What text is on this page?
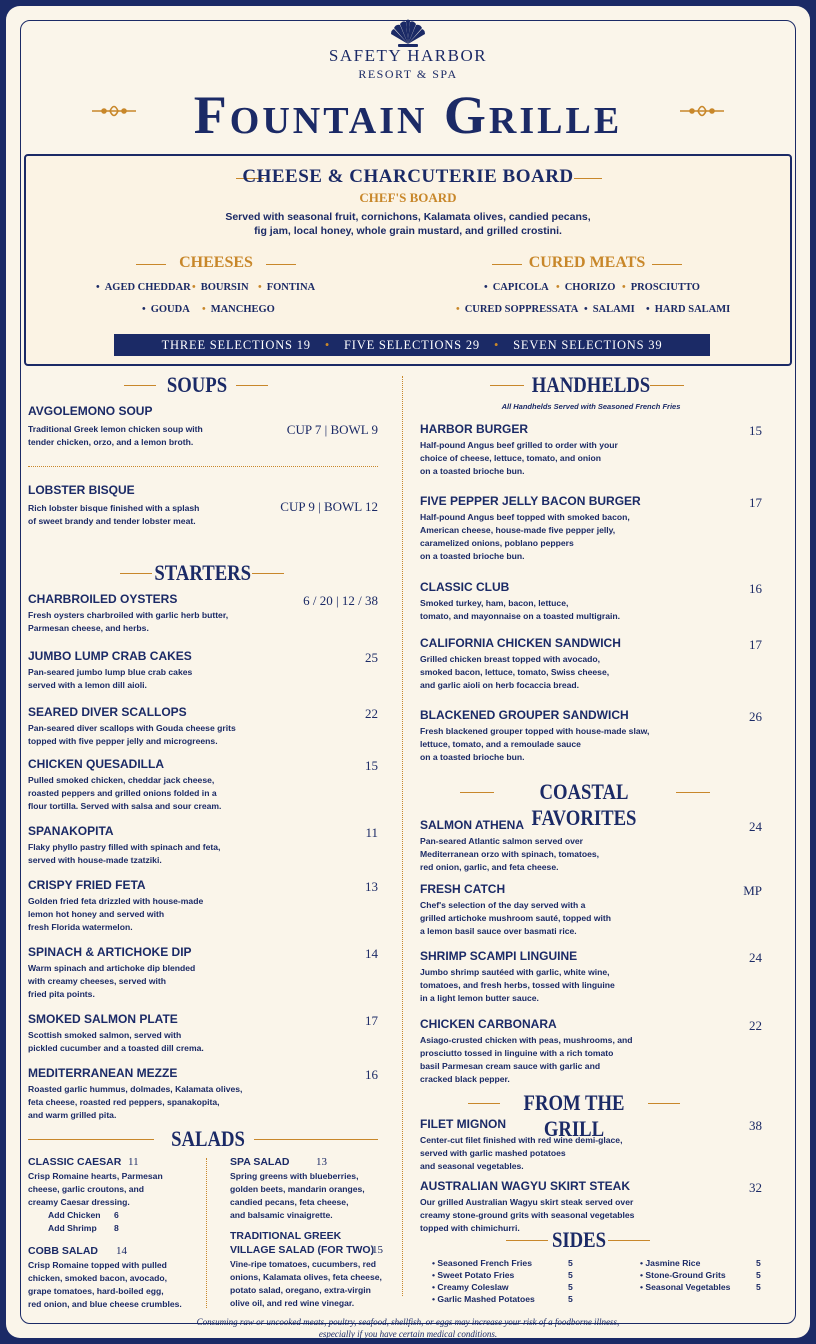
SAFETY HARBOR
RESORT & SPA
Fountain Grille
CHEESE & CHARCUTERIE BOARD
CHEF'S BOARD
Served with seasonal fruit, cornichons, Kalamata olives, candied pecans,
fig jam, local honey, whole grain mustard, and grilled crostini.
CHEESES
• AGED CHEDDAR • BOURSIN • FONTINA
• GOUDA • MANCHEGO
CURED MEATS
• CAPICOLA • CHORIZO • PROSCIUTTO
• CURED SOPPRESSATA • SALAMI • HARD SALAMI
THREE SELECTIONS 19 • FIVE SELECTIONS 29 • SEVEN SELECTIONS 39
SOUPS
AVGOLEMONO SOUP
Traditional Greek lemon chicken soup with
tender chicken, orzo, and a lemon broth.
CUP 7 | BOWL 9
LOBSTER BISQUE
Rich lobster bisque finished with a splash
of sweet brandy and tender lobster meat.
CUP 9 | BOWL 12
STARTERS
CHARBROILED OYSTERS
Fresh oysters charbroiled with garlic herb butter,
Parmesan cheese, and herbs.
6 / 20 | 12 / 38
JUMBO LUMP CRAB CAKES
Pan-seared jumbo lump blue crab cakes
served with a lemon dill aioli.
25
SEARED DIVER SCALLOPS
Pan-seared diver scallops with Gouda cheese grits
topped with five pepper jelly and microgreens.
22
CHICKEN QUESADILLA
Pulled smoked chicken, cheddar jack cheese,
roasted peppers and grilled onions folded in a
flour tortilla. Served with salsa and sour cream.
15
SPANAKOPITA
Flaky phyllo pastry filled with spinach and feta,
served with house-made tzatziki.
11
CRISPY FRIED FETA
Golden fried feta drizzled with house-made
lemon hot honey and served with
fresh Florida watermelon.
13
SPINACH & ARTICHOKE DIP
Warm spinach and artichoke dip blended
with creamy cheeses, served with
fried pita points.
14
SMOKED SALMON PLATE
Scottish smoked salmon, served with
pickled cucumber and a toasted dill crema.
17
MEDITERRANEAN MEZZE
Roasted garlic hummus, dolmades, Kalamata olives,
feta cheese, roasted red peppers, spanakopita,
and warm grilled pita.
16
SALADS
CLASSIC CAESAR 11
Crisp Romaine hearts, Parmesan
cheese, garlic croutons, and
creamy Caesar dressing.
Add Chicken 6
Add Shrimp 8
COBB SALAD 14
Crisp Romaine topped with pulled
chicken, smoked bacon, avocado,
grape tomatoes, hard-boiled egg,
red onion, and blue cheese crumbles.
SPA SALAD 13
Spring greens with blueberries,
golden beets, mandarin oranges,
candied pecans, feta cheese,
and balsamic vinaigrette.
TRADITIONAL GREEK
VILLAGE SALAD (FOR TWO)
15
Vine-ripe tomatoes, cucumbers, red
onions, Kalamata olives, feta cheese,
potato salad, oregano, extra-virgin
olive oil, and red wine vinegar.
HANDHELDS
All Handhelds Served with Seasoned French Fries
HARBOR BURGER
Half-pound Angus beef grilled to order with your
choice of cheese, lettuce, tomato, and onion
on a toasted brioche bun.
15
FIVE PEPPER JELLY BACON BURGER
Half-pound Angus beef topped with smoked bacon,
American cheese, house-made five pepper jelly,
caramelized onions, poblano peppers
on a toasted brioche bun.
17
CLASSIC CLUB
Smoked turkey, ham, bacon, lettuce,
tomato, and mayonnaise on a toasted multigrain.
16
CALIFORNIA CHICKEN SANDWICH
Grilled chicken breast topped with avocado,
smoked bacon, lettuce, tomato, Swiss cheese,
and garlic aioli on herb focaccia bread.
17
BLACKENED GROUPER SANDWICH
Fresh blackened grouper topped with house-made slaw,
lettuce, tomato, and a remoulade sauce
on a toasted brioche bun.
26
COASTAL FAVORITES
SALMON ATHENA
Pan-seared Atlantic salmon served over
Mediterranean orzo with spinach, tomatoes,
red onion, garlic, and feta cheese.
24
FRESH CATCH
Chef's selection of the day served with a
grilled artichoke mushroom sauté, topped with
a lemon basil sauce over basmati rice.
MP
SHRIMP SCAMPI LINGUINE
Jumbo shrimp sautéed with garlic, white wine,
tomatoes, and fresh herbs, tossed with linguine
in a light lemon butter sauce.
24
CHICKEN CARBONARA
Asiago-crusted chicken with peas, mushrooms, and
prosciutto tossed in linguine with a rich tomato
basil Parmesan cream sauce with garlic and
cracked black pepper.
22
FROM THE GRILL
FILET MIGNON
Center-cut filet finished with red wine demi-glace,
served with garlic mashed potatoes
and seasonal vegetables.
38
AUSTRALIAN WAGYU SKIRT STEAK
Our grilled Australian Wagyu skirt steak served over
creamy stone-ground grits with seasonal vegetables
topped with chimichurri.
32
SIDES
• Seasoned French Fries	5
• Sweet Potato Fries	5
• Creamy Coleslaw	5
• Garlic Mashed Potatoes	5
• Jasmine Rice	5
• Stone-Ground Grits	5
• Seasonal Vegetables	5
Consuming raw or uncooked meats, poultry, seafood, shellfish, or eggs may increase your risk of a foodborne illness,
especially if you have certain medical conditions.
